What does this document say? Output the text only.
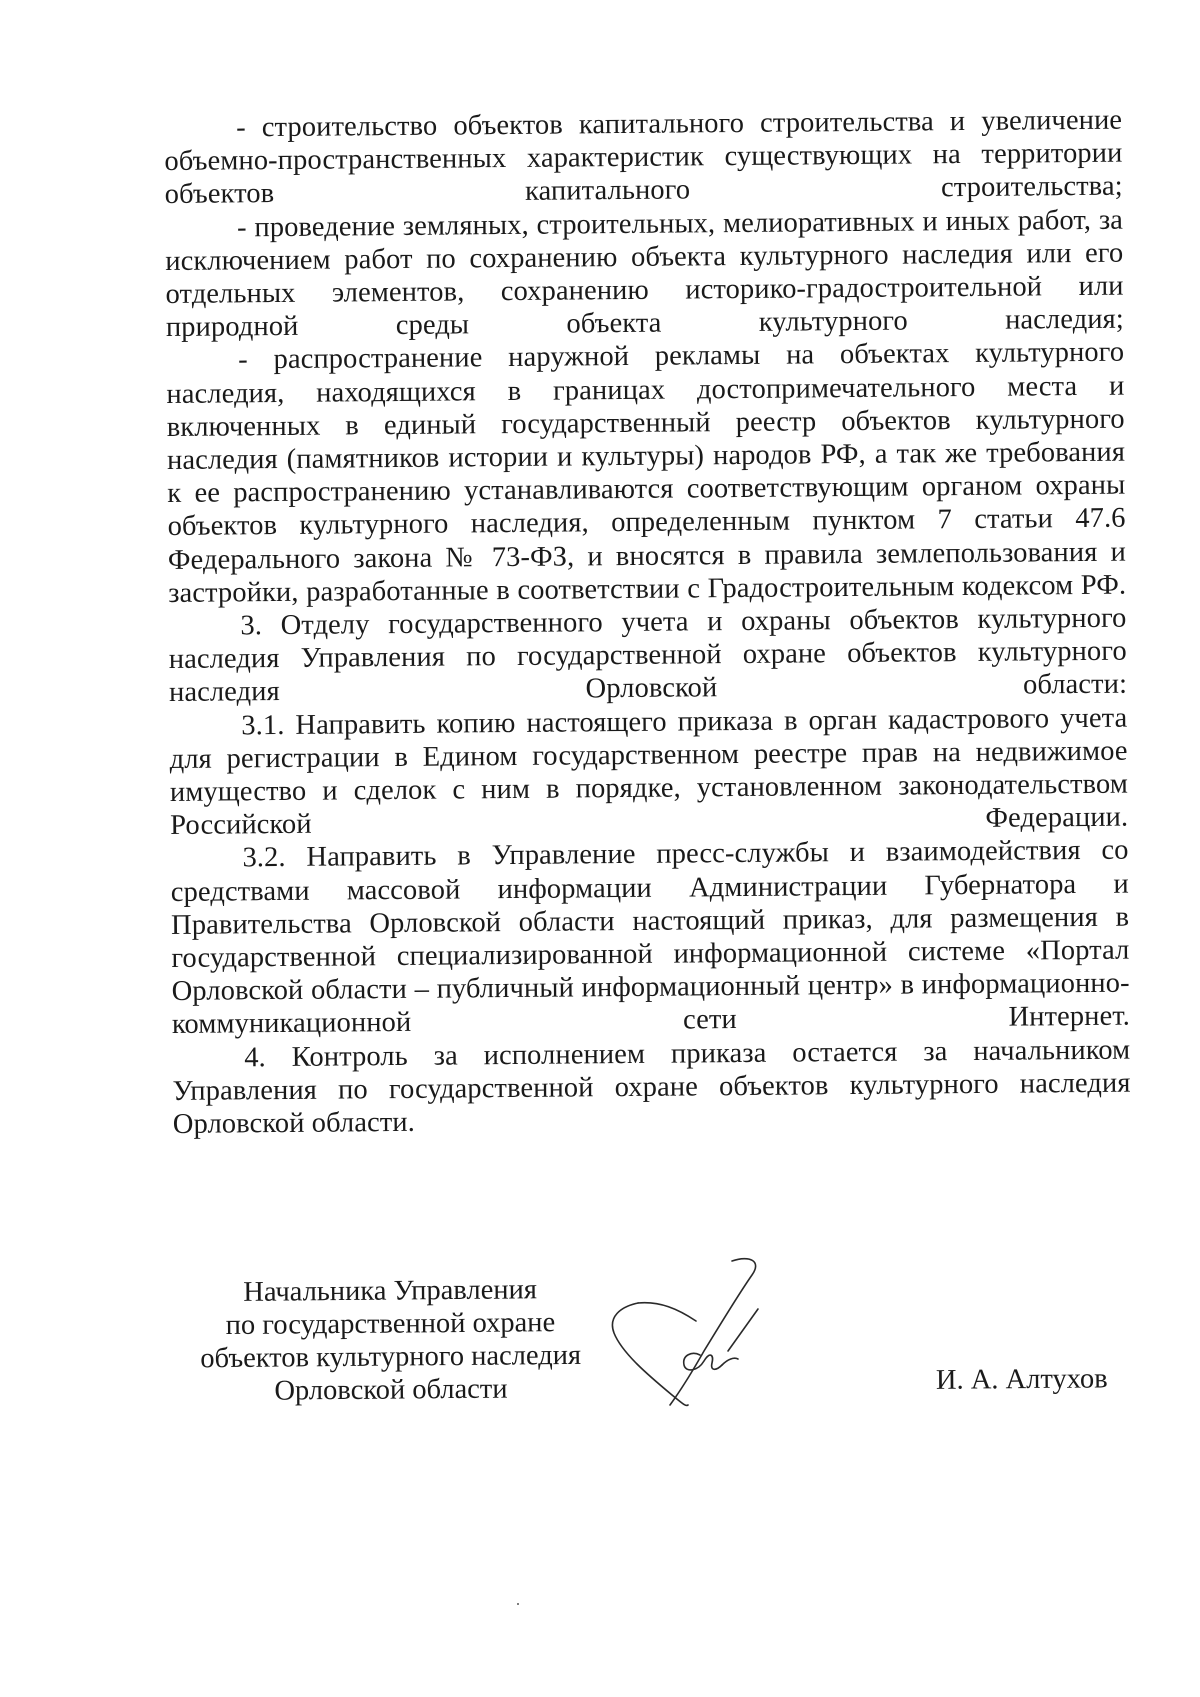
- строительство объектов капитального строительства и увеличение объемно-пространственных характеристик существующих на территории объектов капитального строительства;

- проведение земляных, строительных, мелиоративных и иных работ, за исключением работ по сохранению объекта культурного наследия или его отдельных элементов, сохранению историко-градостроительной или природной среды объекта культурного наследия;

- распространение наружной рекламы на объектах культурного наследия, находящихся в границах достопримечательного места и включенных в единый государственный реестр объектов культурного наследия (памятников истории и культуры) народов РФ, а так же требования к ее распространению устанавливаются соответствующим органом охраны объектов культурного наследия, определенным пунктом 7 статьи 47.6 Федерального закона № 73-ФЗ, и вносятся в правила землепользования и застройки, разработанные в соответствии с Градостроительным кодексом РФ.

3. Отделу государственного учета и охраны объектов культурного наследия Управления по государственной охране объектов культурного наследия Орловской области:

3.1. Направить копию настоящего приказа в орган кадастрового учета для регистрации в Едином государственном реестре прав на недвижимое имущество и сделок с ним в порядке, установленном законодательством Российской Федерации.

3.2. Направить в Управление пресс-службы и взаимодействия со средствами массовой информации Администрации Губернатора и Правительства Орловской области настоящий приказ, для размещения в государственной специализированной информационной системе «Портал Орловской области – публичный информационный центр» в информационно-коммуникационной сети Интернет.

4. Контроль за исполнением приказа остается за начальником Управления по государственной охране объектов культурного наследия Орловской области.

Начальника Управления
по государственной охране
объектов культурного наследия
Орловской области	И. А. Алтухов
